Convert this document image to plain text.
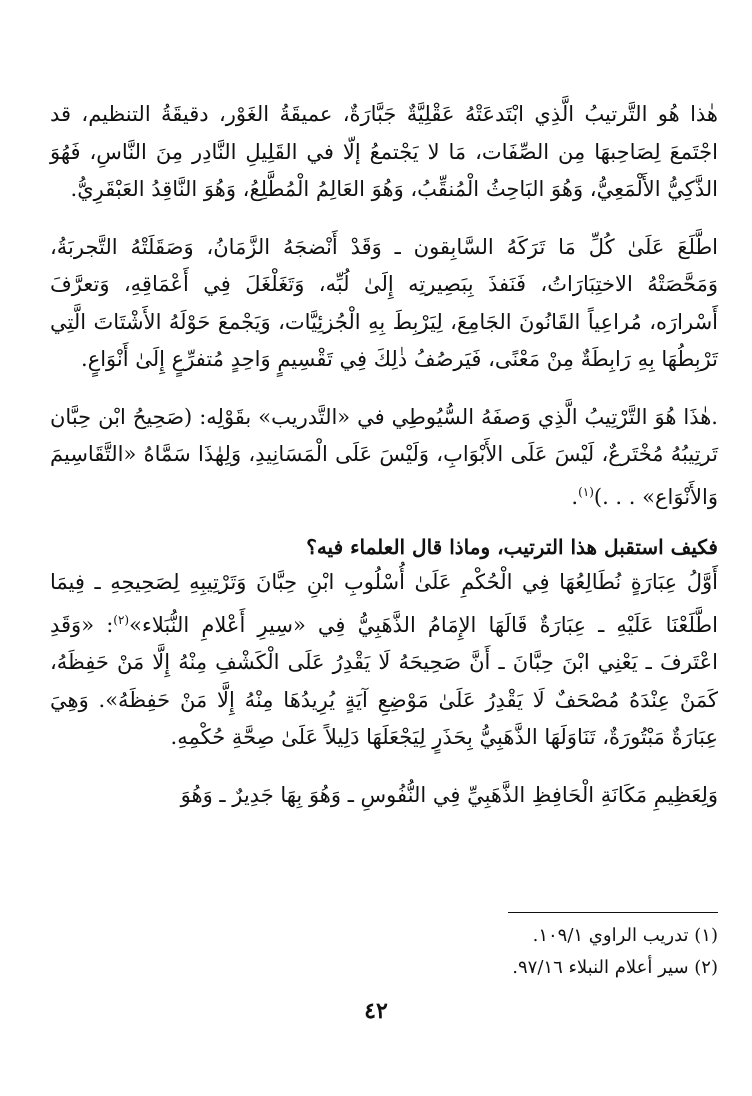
هٰذا هُو التَّرتيبُ الَّذِي ابْتَدعَتْهُ عَقْلِيَّةٌ جَبَّارَةٌ، عميقَةُ الغَوْر، دقيقَةُ التنظيم، قد اجْتَمعَ لِصَاحِبهَا مِن الصِّفَات، مَا لا يَجْتمعُ إلّا في القَلِيلِ النَّادِر مِنَ النَّاسِ، فَهُوَ الذَّكِيُّ الأَلْمَعِيُّ، وَهُوَ البَاحِثُ الْمُنقِّبُ، وَهُوَ العَالِمُ الْمُطَّلِعُ، وَهُوَ النَّاقِدُ العَبْقَرِيُّ.

اطَّلَعَ عَلَىٰ كُلِّ مَا تَرَكَهُ السَّابِقون ـ وَقَدْ أَنْضجَهُ الزَّمَانُ، وَصَقَلَتْهُ التَّجربَةُ، وَمَحَّصَتْهُ الاختِبَارَاتُ، فَنَفذَ بِبَصِيرتِه إِلَىٰ لُبِّه، وَتَغَلْغَلَ فِي أَعْمَاقِهِ، وَتعرَّفَ أَسْرارَه، مُراعِياً القَانُونَ الجَامِعَ، لِيَرْبِطَ بِهِ الْجُزئِيَّات، وَيَجْمعَ حَوْلَهُ الأَشْتَاتَ الَّتِي تَرْبِطُهَا بِهِ رَابِطَةٌ مِنْ مَعْنًى، فَيَرصُفُ ذٰلِكَ فِي تَقْسِيمٍ وَاحِدٍ مُتفرِّعٍ إِلَىٰ أَنْوَاعٍ.

.هٰذَا هُوَ التَّرْتِيبُ الَّذِي وَصفَهُ السُّيُوطِي في «التَّدريب» بقَوْلِه: (صَحِيحُ ابْن حِبَّان تَرتِيبُهُ مُخْتَرعٌ، لَيْسَ عَلَى الأَبْوَابِ، وَلَيْسَ عَلَى الْمَسَانِيدِ، وَلِهٰذَا سَمَّاهُ «التَّقَاسِيمَ وَالأَنْوَاع» . . .)$^{(١)}$.

فكيف استقبل هذا الترتيب، وماذا قال العلماء فيه؟

أَوَّلُ عِبَارَةٍ نُطَالِعُهَا فِي الْحُكْمِ عَلَىٰ أُسْلُوبِ ابْنِ حِبَّانَ وَتَرْتِيبِهِ لِصَحِيحِهِ ـ فِيمَا اطَّلَعْنَا عَلَيْهِ ـ عِبَارَةٌ قَالَهَا الإِمَامُ الذَّهَبِيُّ فِي «سِيرِ أَعْلامِ النُّبَلاء»$^{(٢)}$: «وَقَدِ اعْتَرفَ ـ يَعْنِي ابْنَ حِبَّانَ ـ أَنَّ صَحِيحَهُ لَا يَقْدِرُ عَلَى الْكَشْفِ مِنْهُ إِلَّا مَنْ حَفِظَهُ، كَمَنْ عِنْدَهُ مُصْحَفٌ لَا يَقْدِرُ عَلَىٰ مَوْضِعِ آيَةٍ يُرِيدُهَا مِنْهُ إِلَّا مَنْ حَفِظَهُ». وَهِيَ عِبَارَةٌ مَبْتُورَةٌ، تَنَاوَلَهَا الذَّهَبِيُّ بِحَذَرٍ لِيَجْعَلَهَا دَلِيلاً عَلَىٰ صِحَّةِ حُكْمِهِ.

وَلِعَظِيمِ مَكَانَةِ الْحَافِظِ الذَّهَبِيِّ فِي النُّفُوسِ ـ وَهُوَ بِهَا جَدِيرٌ ـ وَهُوَ

(١) تدريب الراوي ١٠٩/١.

(٢) سير أعلام النبلاء ٩٧/١٦.

٤٢
